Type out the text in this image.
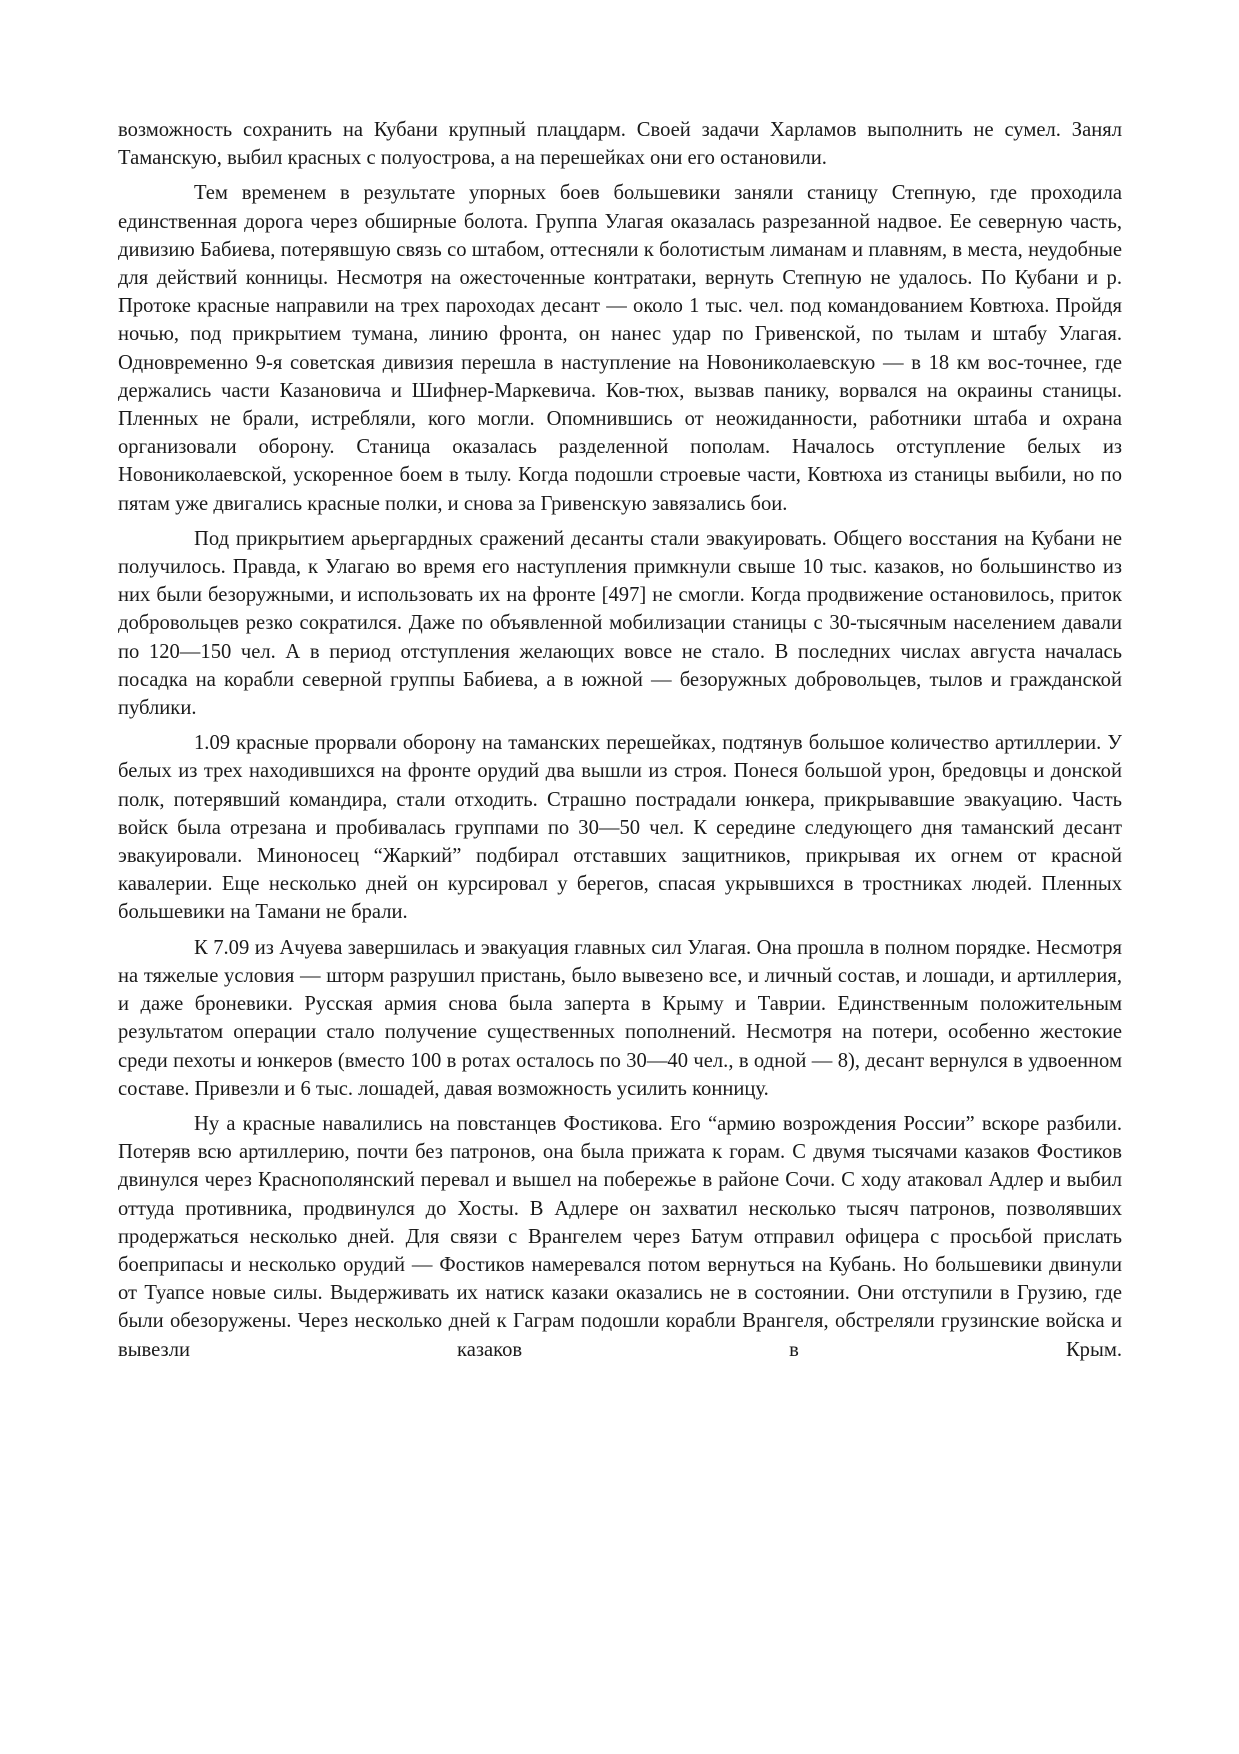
возможность сохранить на Кубани крупный плацдарм. Своей задачи Харламов выполнить не сумел. Занял Таманскую, выбил красных с полуострова, а на перешейках они его остановили.

Тем временем в результате упорных боев большевики заняли станицу Степную, где проходила единственная дорога через обширные болота. Группа Улагая оказалась разрезанной надвое. Ее северную часть, дивизию Бабиева, потерявшую связь со штабом, оттесняли к болотистым лиманам и плавням, в места, неудобные для действий конницы. Несмотря на ожесточенные контратаки, вернуть Степную не удалось. По Кубани и р. Протоке красные направили на трех пароходах десант — около 1 тыс. чел. под командованием Ковтюха. Пройдя ночью, под прикрытием тумана, линию фронта, он нанес удар по Гривенской, по тылам и штабу Улагая. Одновременно 9-я советская дивизия перешла в наступление на Новониколаевскую — в 18 км вос-точнее, где держались части Казановича и Шифнер-Маркевича. Ков-тюх, вызвав панику, ворвался на окраины станицы. Пленных не брали, истребляли, кого могли. Опомнившись от неожиданности, работники штаба и охрана организовали оборону. Станица оказалась разделенной пополам. Началось отступление белых из Новониколаевской, ускоренное боем в тылу. Когда подошли строевые части, Ковтюха из станицы выбили, но по пятам уже двигались красные полки, и снова за Гривенскую завязались бои.

Под прикрытием арьергардных сражений десанты стали эвакуировать. Общего восстания на Кубани не получилось. Правда, к Улагаю во время его наступления примкнули свыше 10 тыс. казаков, но большинство из них были безоружными, и использовать их на фронте [497] не смогли. Когда продвижение остановилось, приток добровольцев резко сократился. Даже по объявленной мобилизации станицы с 30-тысячным населением давали по 120—150 чел. А в период отступления желающих вовсе не стало. В последних числах августа началась посадка на корабли северной группы Бабиева, а в южной — безоружных добровольцев, тылов и гражданской публики.

1.09 красные прорвали оборону на таманских перешейках, подтянув большое количество артиллерии. У белых из трех находившихся на фронте орудий два вышли из строя. Понеся большой урон, бредовцы и донской полк, потерявший командира, стали отходить. Страшно пострадали юнкера, прикрывавшие эвакуацию. Часть войск была отрезана и пробивалась группами по 30—50 чел. К середине следующего дня таманский десант эвакуировали. Миноносец “Жаркий” подбирал отставших защитников, прикрывая их огнем от красной кавалерии. Еще несколько дней он курсировал у берегов, спасая укрывшихся в тростниках людей. Пленных большевики на Тамани не брали.

К 7.09 из Ачуева завершилась и эвакуация главных сил Улагая. Она прошла в полном порядке. Несмотря на тяжелые условия — шторм разрушил пристань, было вывезено все, и личный состав, и лошади, и артиллерия, и даже броневики. Русская армия снова была заперта в Крыму и Таврии. Единственным положительным результатом операции стало получение существенных пополнений. Несмотря на потери, особенно жестокие среди пехоты и юнкеров (вместо 100 в ротах осталось по 30—40 чел., в одной — 8), десант вернулся в удвоенном составе. Привезли и 6 тыс. лошадей, давая возможность усилить конницу.

Ну а красные навалились на повстанцев Фостикова. Его “армию возрождения России” вскоре разбили. Потеряв всю артиллерию, почти без патронов, она была прижата к горам. С двумя тысячами казаков Фостиков двинулся через Краснополянский перевал и вышел на побережье в районе Сочи. С ходу атаковал Адлер и выбил оттуда противника, продвинулся до Хосты. В Адлере он захватил несколько тысяч патронов, позволявших продержаться несколько дней. Для связи с Врангелем через Батум отправил офицера с просьбой прислать боеприпасы и несколько орудий — Фостиков намеревался потом вернуться на Кубань. Но большевики двинули от Туапсе новые силы. Выдерживать их натиск казаки оказались не в состоянии. Они отступили в Грузию, где были обезоружены. Через несколько дней к Гаграм подошли корабли Врангеля, обстреляли грузинские войска и вывезли казаков в Крым.
